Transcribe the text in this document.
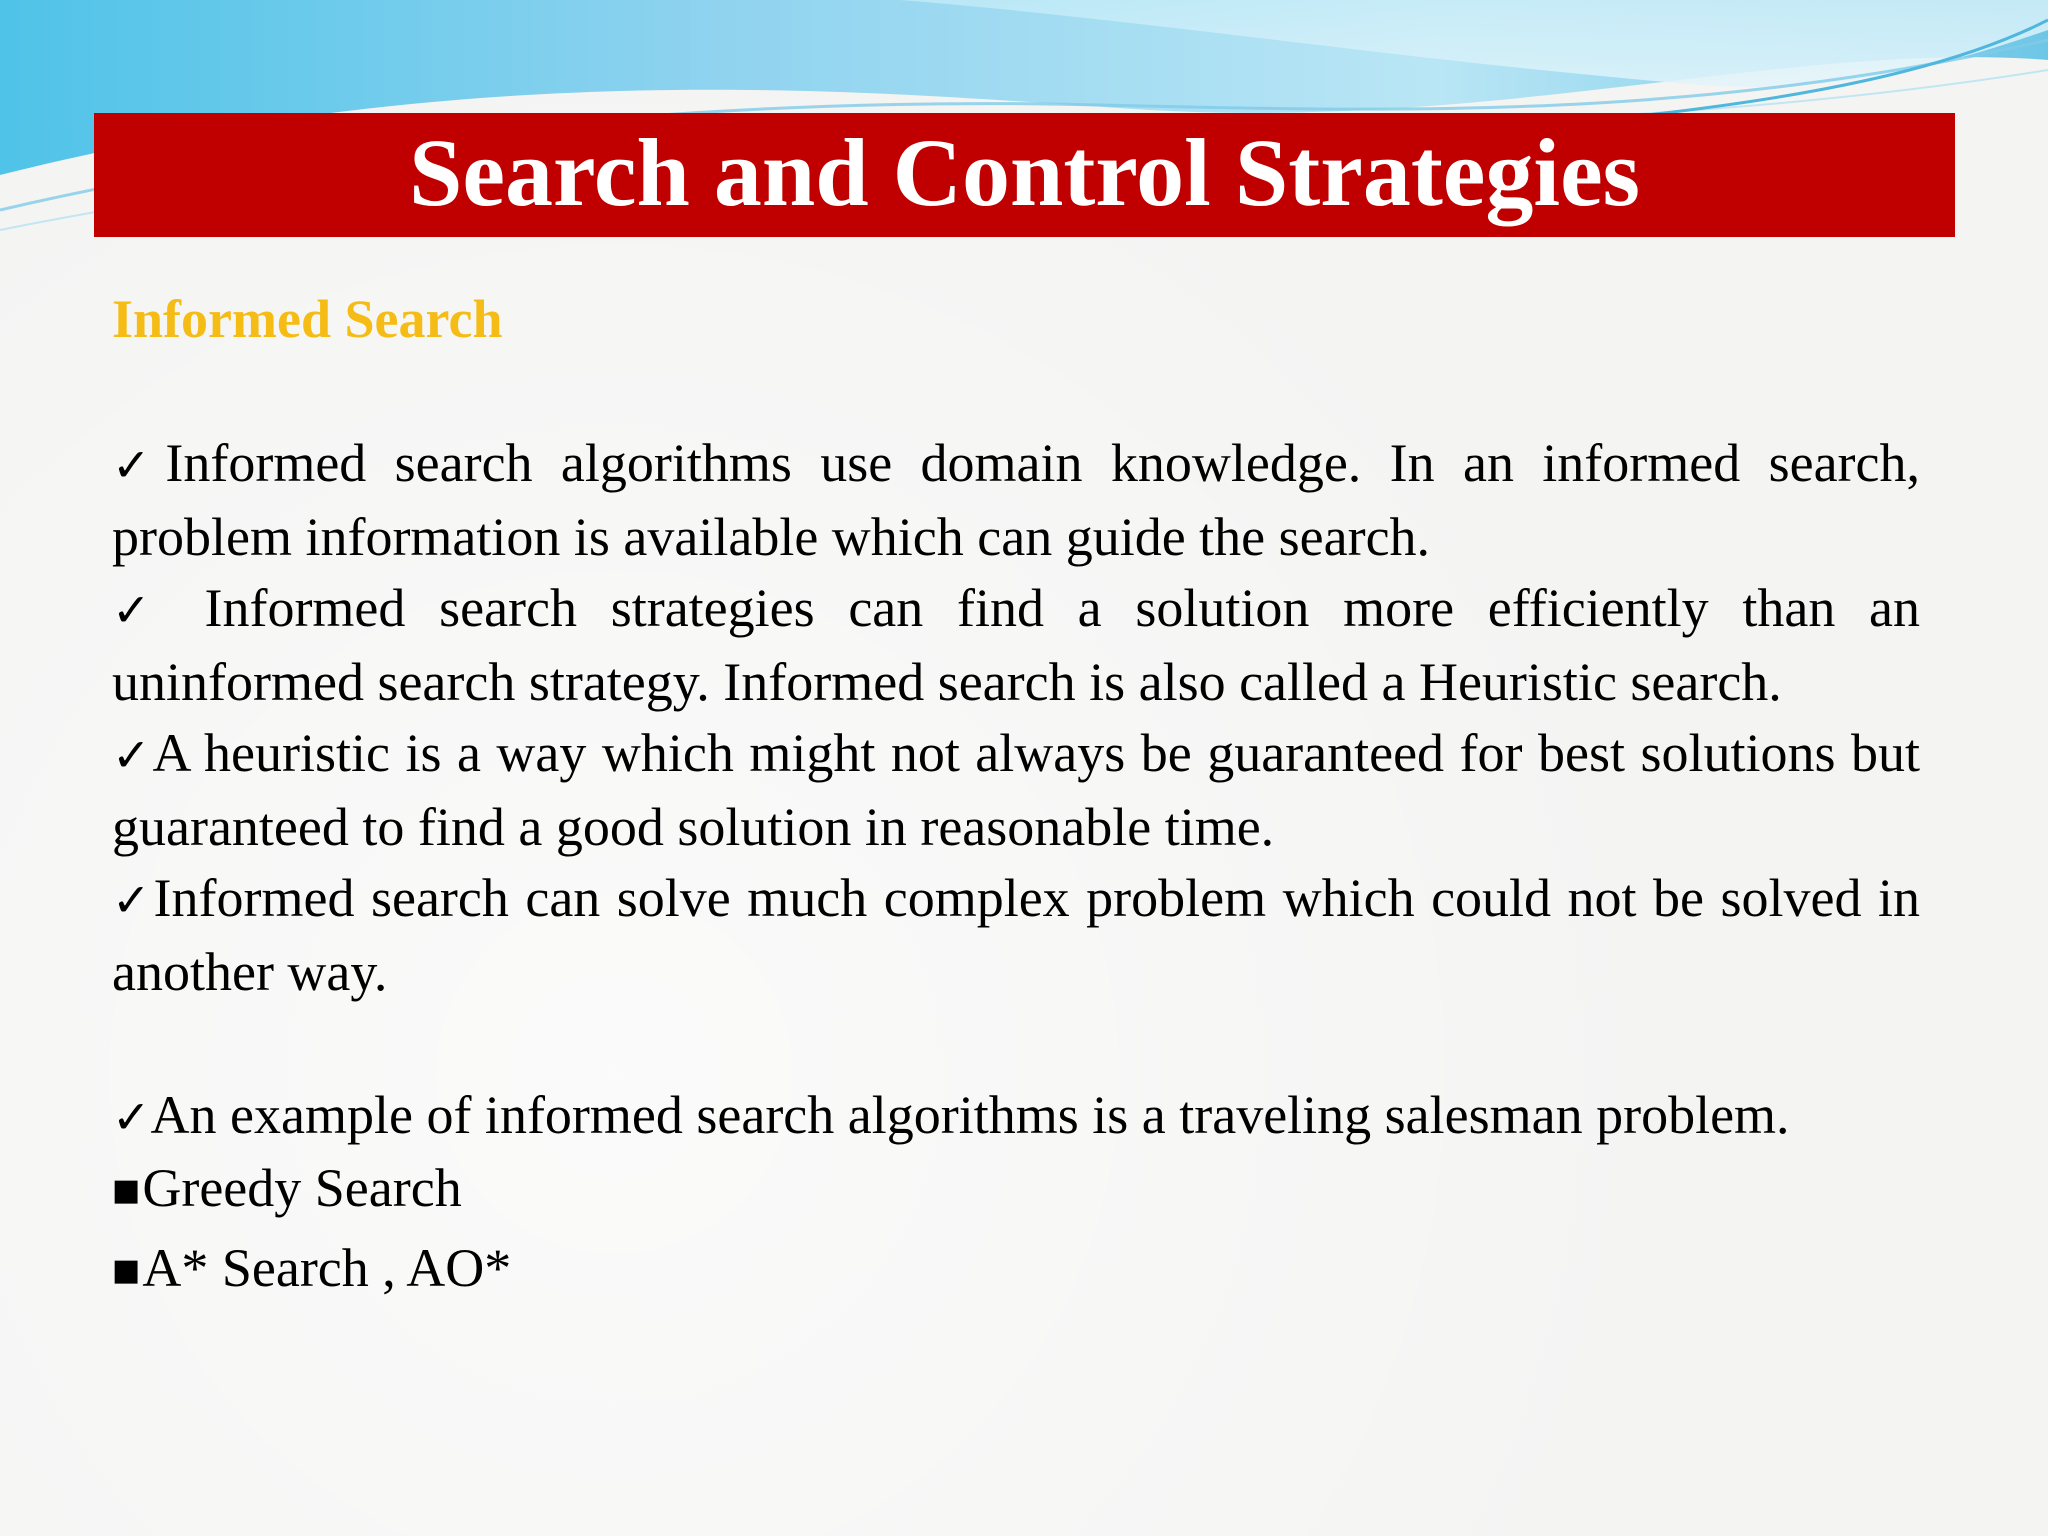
Search and Control Strategies
Informed Search

✓Informed search algorithms use domain knowledge. In an informed search, problem information is available which can guide the search.

✓ Informed search strategies can find a solution more efficiently than an uninformed search strategy. Informed search is also called a Heuristic search.

✓A heuristic is a way which might not always be guaranteed for best solutions but guaranteed to find a good solution in reasonable time.

✓Informed search can solve much complex problem which could not be solved in another way.

✓An example of informed search algorithms is a traveling salesman problem.

■Greedy Search

■A* Search , AO*
